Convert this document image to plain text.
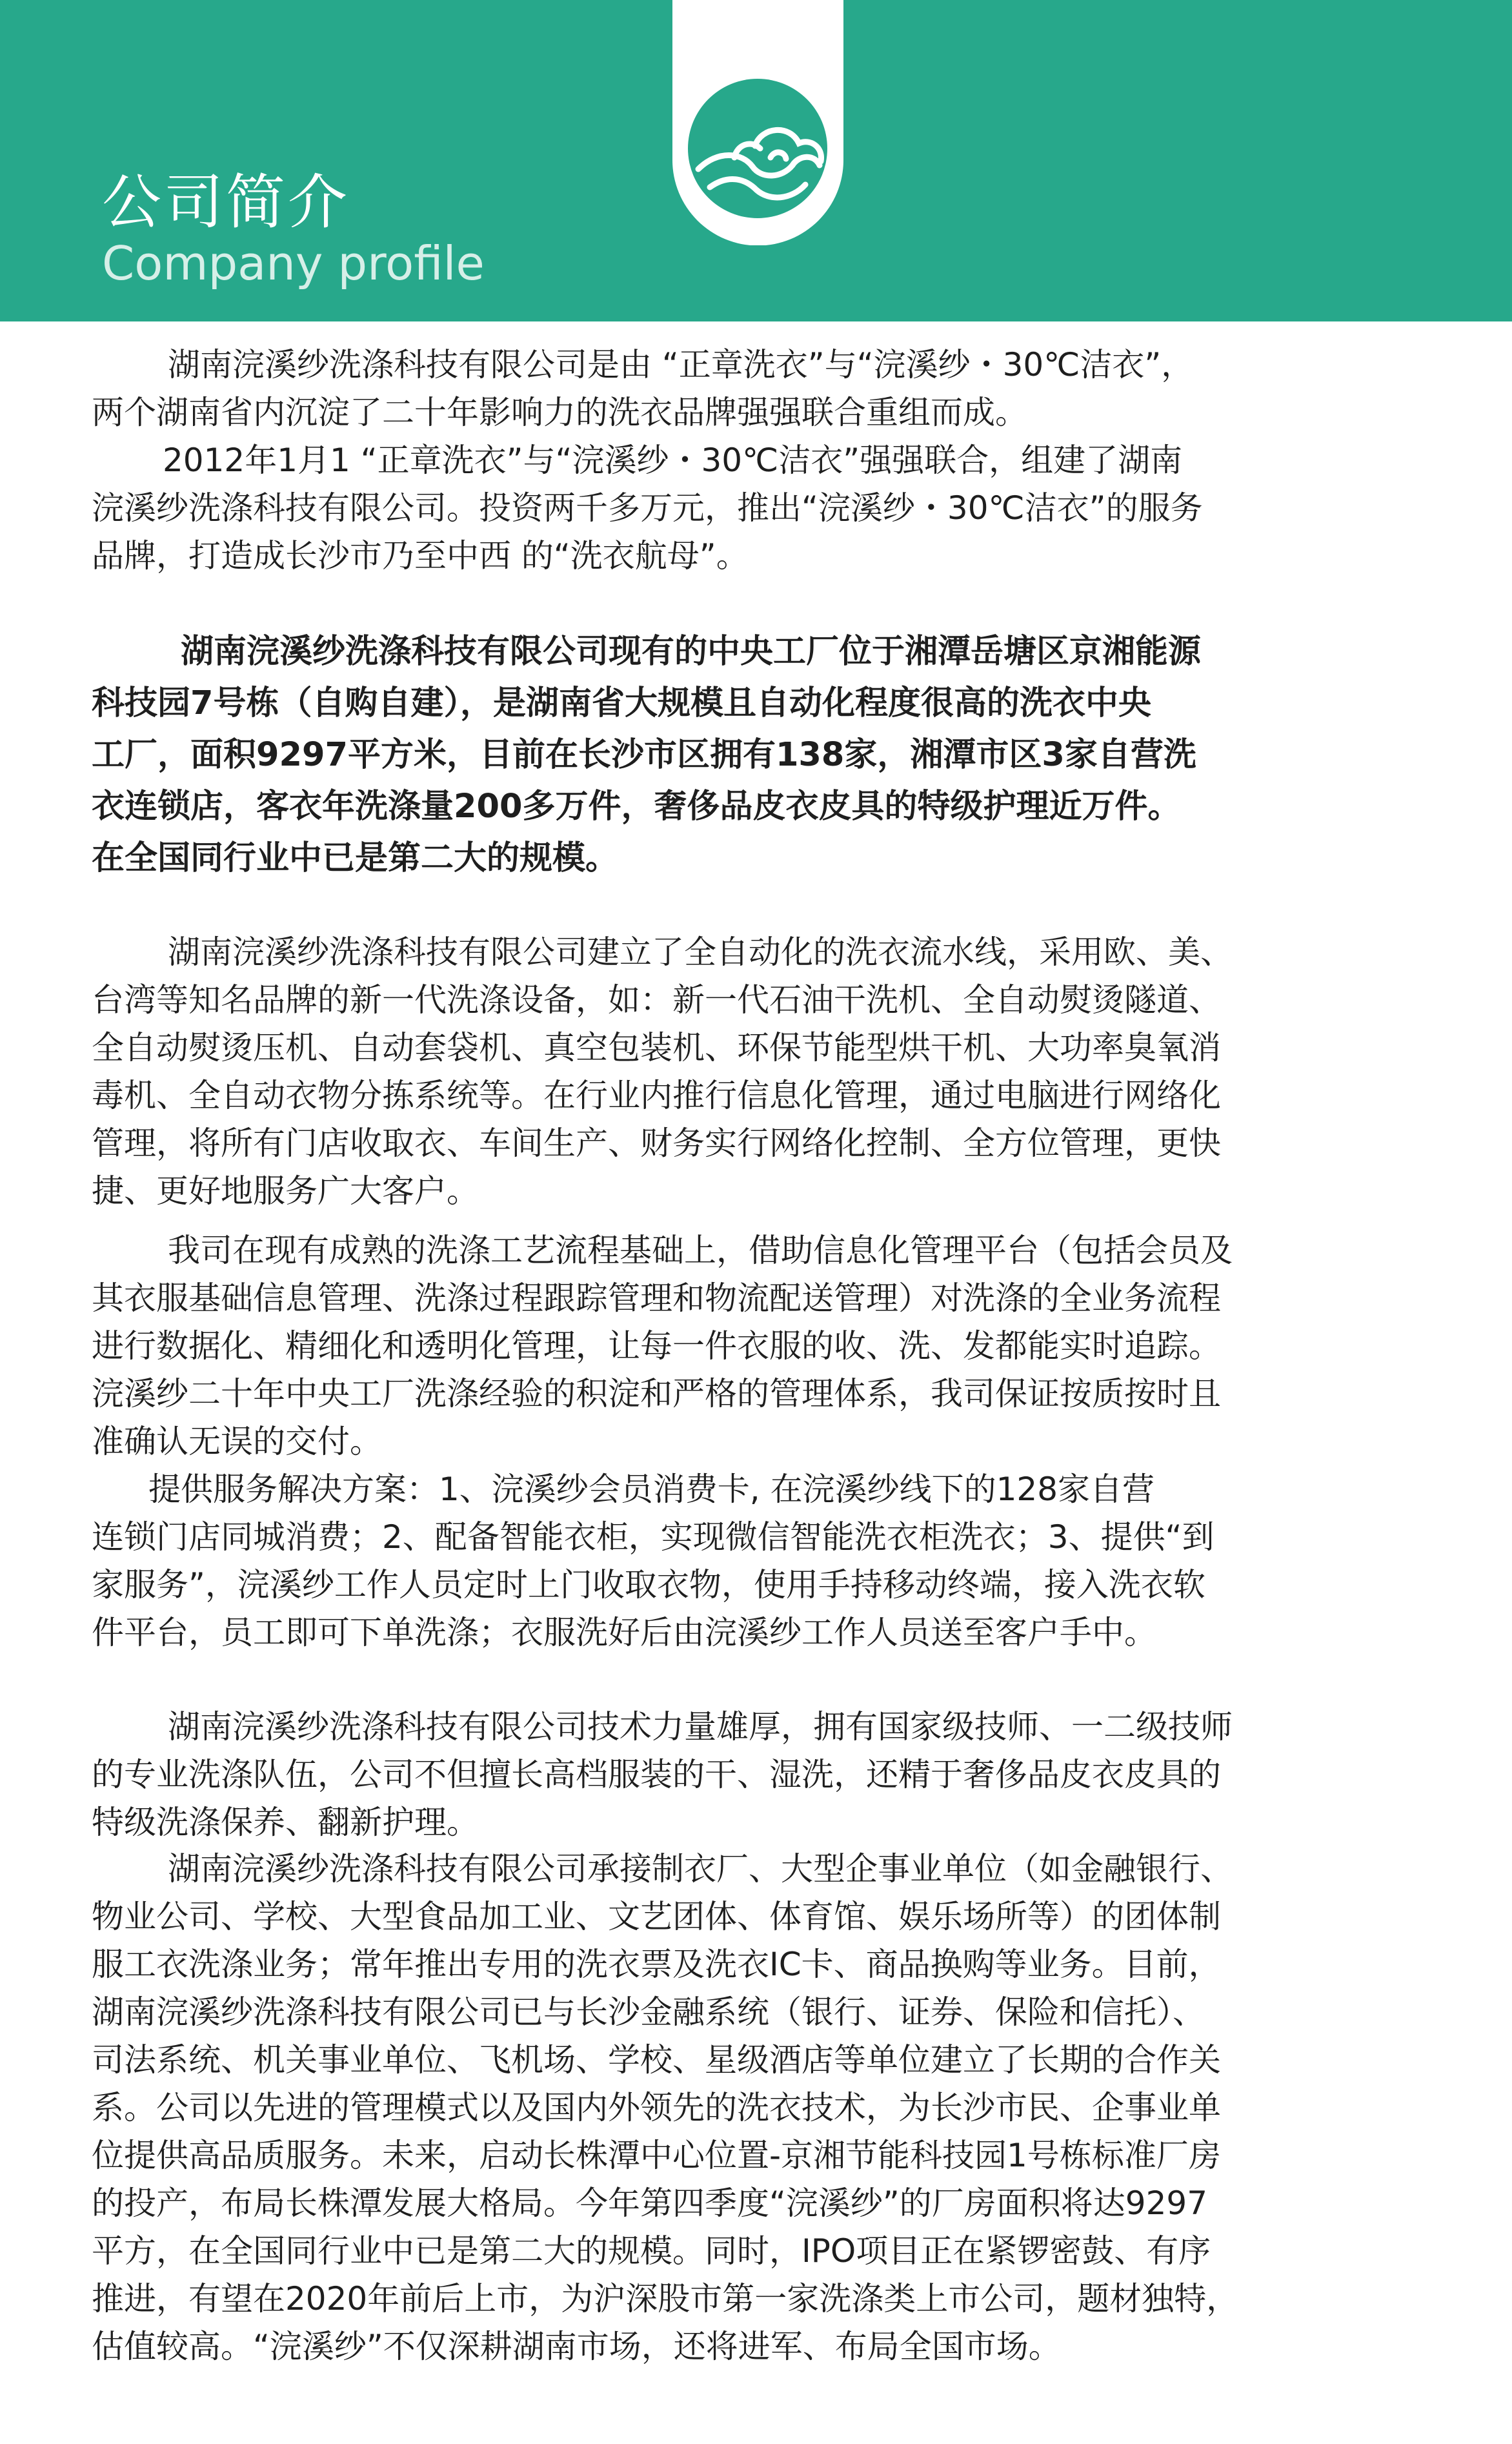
公司简介
Company profile
湖南浣溪纱洗涤科技有限公司是由 “正章洗衣”与“浣溪纱・30℃洁衣”，
两个湖南省内沉淀了二十年影响力的洗衣品牌强强联合重组而成。
2012年1月1 “正章洗衣”与“浣溪纱・30℃洁衣”强强联合，组建了湖南
浣溪纱洗涤科技有限公司。投资两千多万元，推出“浣溪纱・30℃洁衣”的服务
品牌，打造成长沙市乃至中西 的“洗衣航母”。
湖南浣溪纱洗涤科技有限公司现有的中央工厂位于湘潭岳塘区京湘能源
科技园7号栋（自购自建），是湖南省大规模且自动化程度很高的洗衣中央
工厂，面积9297平方米，目前在长沙市区拥有138家，湘潭市区3家自营洗
衣连锁店，客衣年洗涤量200多万件，奢侈品皮衣皮具的特级护理近万件。
在全国同行业中已是第二大的规模。
湖南浣溪纱洗涤科技有限公司建立了全自动化的洗衣流水线，采用欧、美、
台湾等知名品牌的新一代洗涤设备，如：新一代石油干洗机、全自动熨烫隧道、
全自动熨烫压机、自动套袋机、真空包装机、环保节能型烘干机、大功率臭氧消
毒机、全自动衣物分拣系统等。在行业内推行信息化管理，通过电脑进行网络化
管理，将所有门店收取衣、车间生产、财务实行网络化控制、全方位管理，更快
捷、更好地服务广大客户。
我司在现有成熟的洗涤工艺流程基础上，借助信息化管理平台（包括会员及
其衣服基础信息管理、洗涤过程跟踪管理和物流配送管理）对洗涤的全业务流程
进行数据化、精细化和透明化管理，让每一件衣服的收、洗、发都能实时追踪。
浣溪纱二十年中央工厂洗涤经验的积淀和严格的管理体系，我司保证按质按时且
准确认无误的交付。
提供服务解决方案：1、浣溪纱会员消费卡, 在浣溪纱线下的128家自营
连锁门店同城消费；2、配备智能衣柜，实现微信智能洗衣柜洗衣；3、提供“到
家服务”，浣溪纱工作人员定时上门收取衣物，使用手持移动终端，接入洗衣软
件平台，员工即可下单洗涤；衣服洗好后由浣溪纱工作人员送至客户手中。
湖南浣溪纱洗涤科技有限公司技术力量雄厚，拥有国家级技师、一二级技师
的专业洗涤队伍，公司不但擅长高档服装的干、湿洗，还精于奢侈品皮衣皮具的
特级洗涤保养、翻新护理。
湖南浣溪纱洗涤科技有限公司承接制衣厂、大型企事业单位（如金融银行、
物业公司、学校、大型食品加工业、文艺团体、体育馆、娱乐场所等）的团体制
服工衣洗涤业务；常年推出专用的洗衣票及洗衣IC卡、商品换购等业务。目前，
湖南浣溪纱洗涤科技有限公司已与长沙金融系统（银行、证券、保险和信托）、
司法系统、机关事业单位、飞机场、学校、星级酒店等单位建立了长期的合作关
系。公司以先进的管理模式以及国内外领先的洗衣技术，为长沙市民、企事业单
位提供高品质服务。未来，启动长株潭中心位置-京湘节能科技园1号栋标准厂房
的投产，布局长株潭发展大格局。今年第四季度“浣溪纱”的厂房面积将达9297
平方，在全国同行业中已是第二大的规模。同时，IPO项目正在紧锣密鼓、有序
推进，有望在2020年前后上市，为沪深股市第一家洗涤类上市公司，题材独特，
估值较高。“浣溪纱”不仅深耕湖南市场，还将进军、布局全国市场。
